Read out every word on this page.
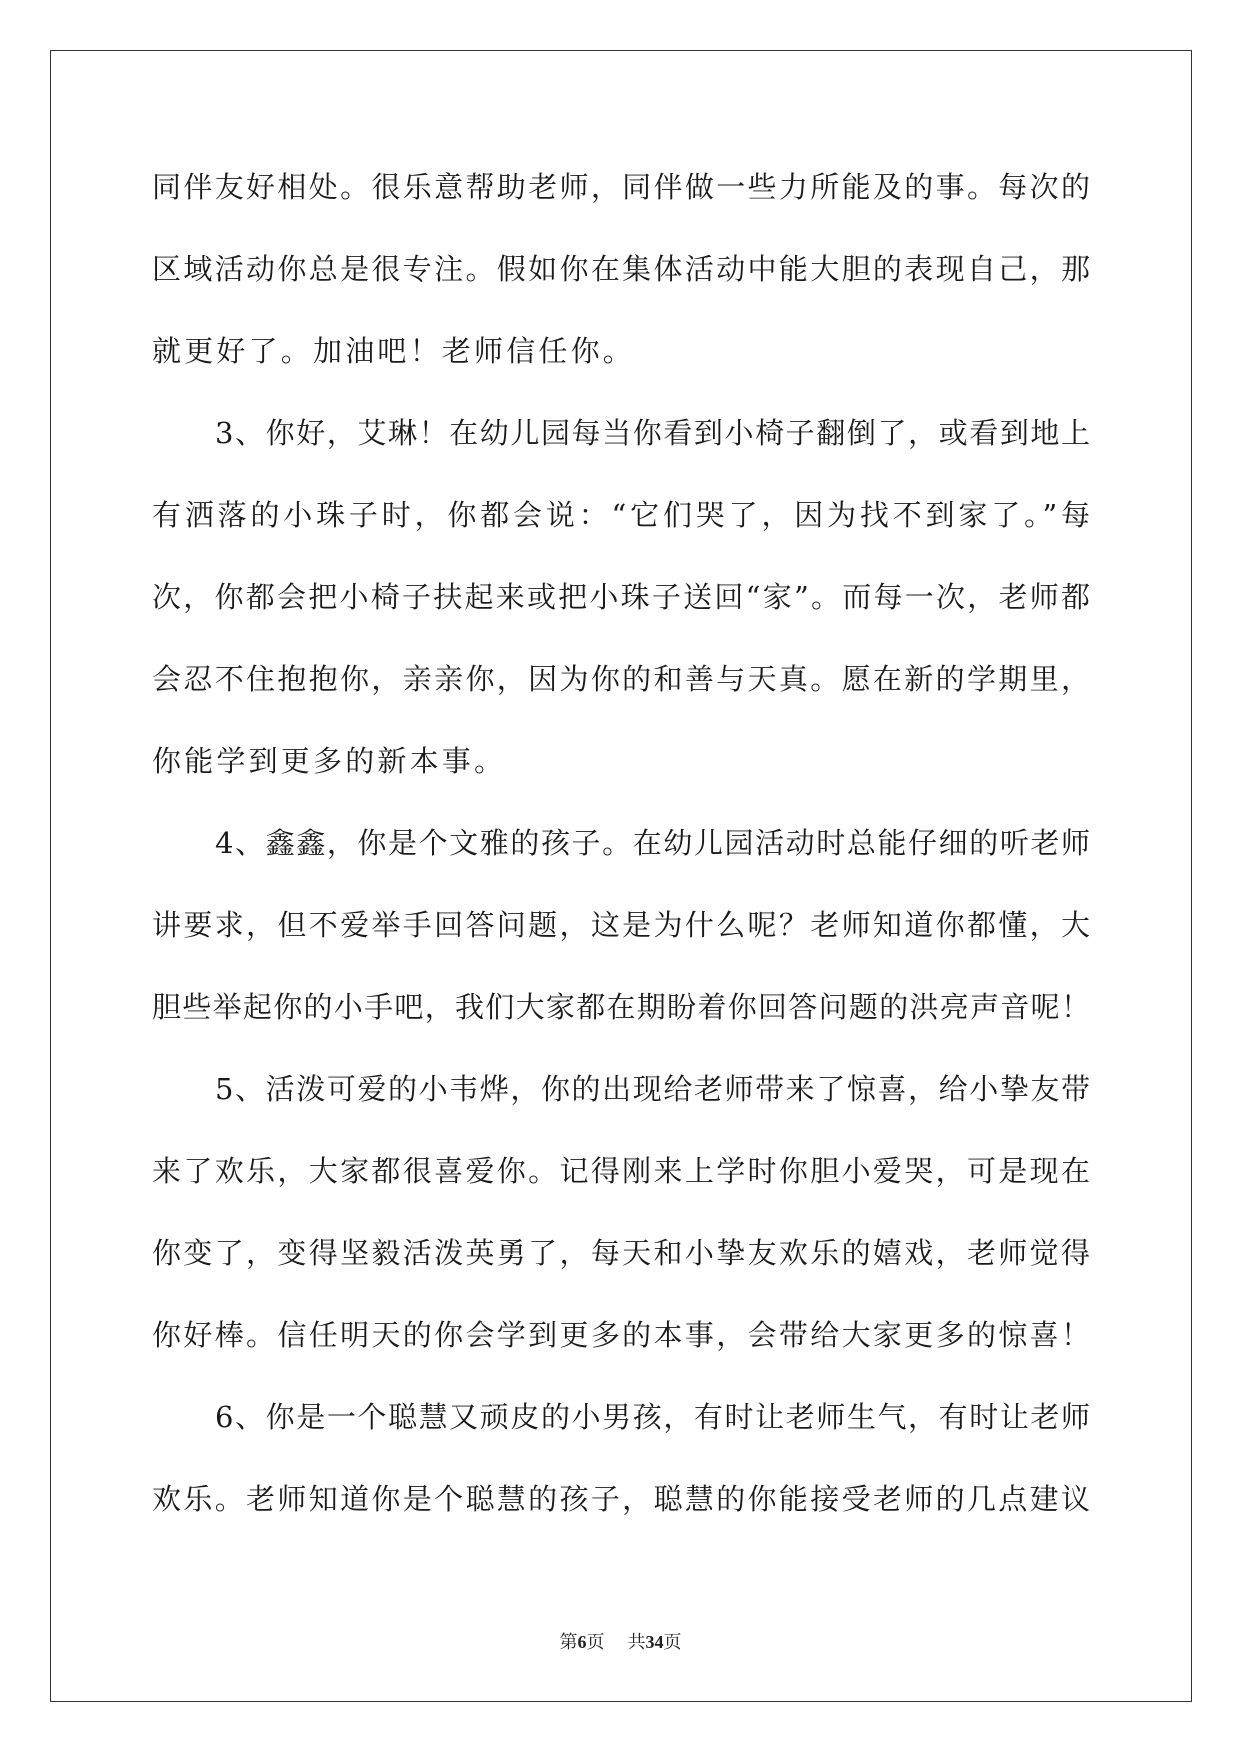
同伴友好相处。很乐意帮助老师，同伴做一些力所能及的事。每次的
区域活动你总是很专注。假如你在集体活动中能大胆的表现自己，那
就更好了。加油吧！老师信任你。
3、你好，艾琳！在幼儿园每当你看到小椅子翻倒了，或看到地上
有洒落的小珠子时，你都会说：“它们哭了，因为找不到家了。”每
次，你都会把小椅子扶起来或把小珠子送回“家”。而每一次，老师都
会忍不住抱抱你，亲亲你，因为你的和善与天真。愿在新的学期里，
你能学到更多的新本事。
4、鑫鑫，你是个文雅的孩子。在幼儿园活动时总能仔细的听老师
讲要求，但不爱举手回答问题，这是为什么呢？老师知道你都懂，大
胆些举起你的小手吧，我们大家都在期盼着你回答问题的洪亮声音呢！
5、活泼可爱的小韦烨，你的出现给老师带来了惊喜，给小挚友带
来了欢乐，大家都很喜爱你。记得刚来上学时你胆小爱哭，可是现在
你变了，变得坚毅活泼英勇了，每天和小挚友欢乐的嬉戏，老师觉得
你好棒。信任明天的你会学到更多的本事，会带给大家更多的惊喜！
6、你是一个聪慧又顽皮的小男孩，有时让老师生气，有时让老师
欢乐。老师知道你是个聪慧的孩子，聪慧的你能接受老师的几点建议
第6页 共34页
